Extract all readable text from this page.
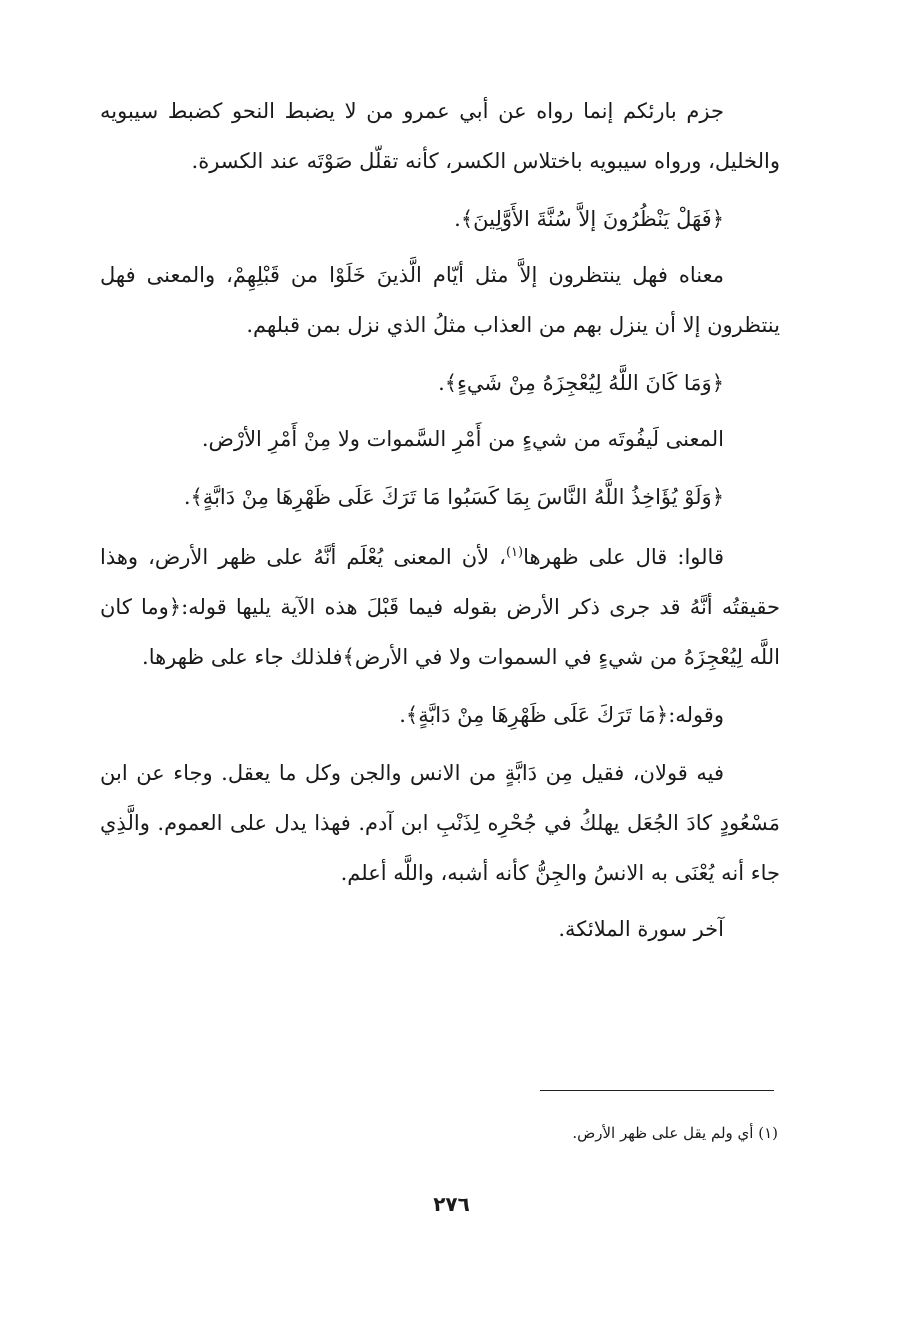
جزم بارئكم إنما رواه عن أبي عمرو من لا يضبط النحو كضبط سيبويه والخليل، ورواه سيبويه باختلاس الكسر، كأنه تقلّل صَوْتَه عند الكسرة.

﴿فَهَلْ يَنْظُرُونَ إلاَّ سُنَّةَ الأَوَّلِينَ﴾.

معناه فهل ينتظرون إلاَّ مثل أيّام الَّذينَ خَلَوْا من قَبْلِهِمْ، والمعنى فهل ينتظرون إلا أن ينزل بهم من العذاب مثلُ الذي نزل بمن قبلهم.

﴿وَمَا كَانَ اللَّهُ لِيُعْجِزَهُ مِنْ شَيءٍ﴾.

المعنى لَيفُوتَه من شيءٍ من أَمْرِ السَّموات ولا مِنْ أَمْرِ الأرْض.

﴿وَلَوْ يُؤَاخِذُ اللَّهُ النَّاسَ بِمَا كَسَبُوا مَا تَرَكَ عَلَى ظَهْرِهَا مِنْ دَابَّةٍ﴾.

قالوا: قال على ظهرها$^{(١)}$، لأن المعنى يُعْلَم أنَّهُ على ظهر الأرض، وهذا حقيقتُه أنَّهُ قد جرى ذكر الأرض بقوله فيما قَبْلَ هذه الآية يليها قوله:﴿وما كان اللَّه لِيُعْجِزَهُ من شيءٍ في السموات ولا في الأرض﴾فلذلك جاء على ظهرها.

وقوله:﴿مَا تَرَكَ عَلَى ظَهْرِهَا مِنْ دَابَّةٍ﴾.

فيه قولان، فقيل مِن دَابَّةٍ من الانس والجن وكل ما يعقل. وجاء عن ابن مَسْعُودٍ كادَ الجُعَل يهلكُ في جُحْرِه لِذَنْبِ ابن آدم. فهذا يدل على العموم. والَّذِي جاء أنه يُعْنَى به الانسُ والجِنُّ كأنه أشبه، واللَّه أعلم.

آخر سورة الملائكة.

(١) أي ولم يقل على ظهر الأرض.
٢٧٦
